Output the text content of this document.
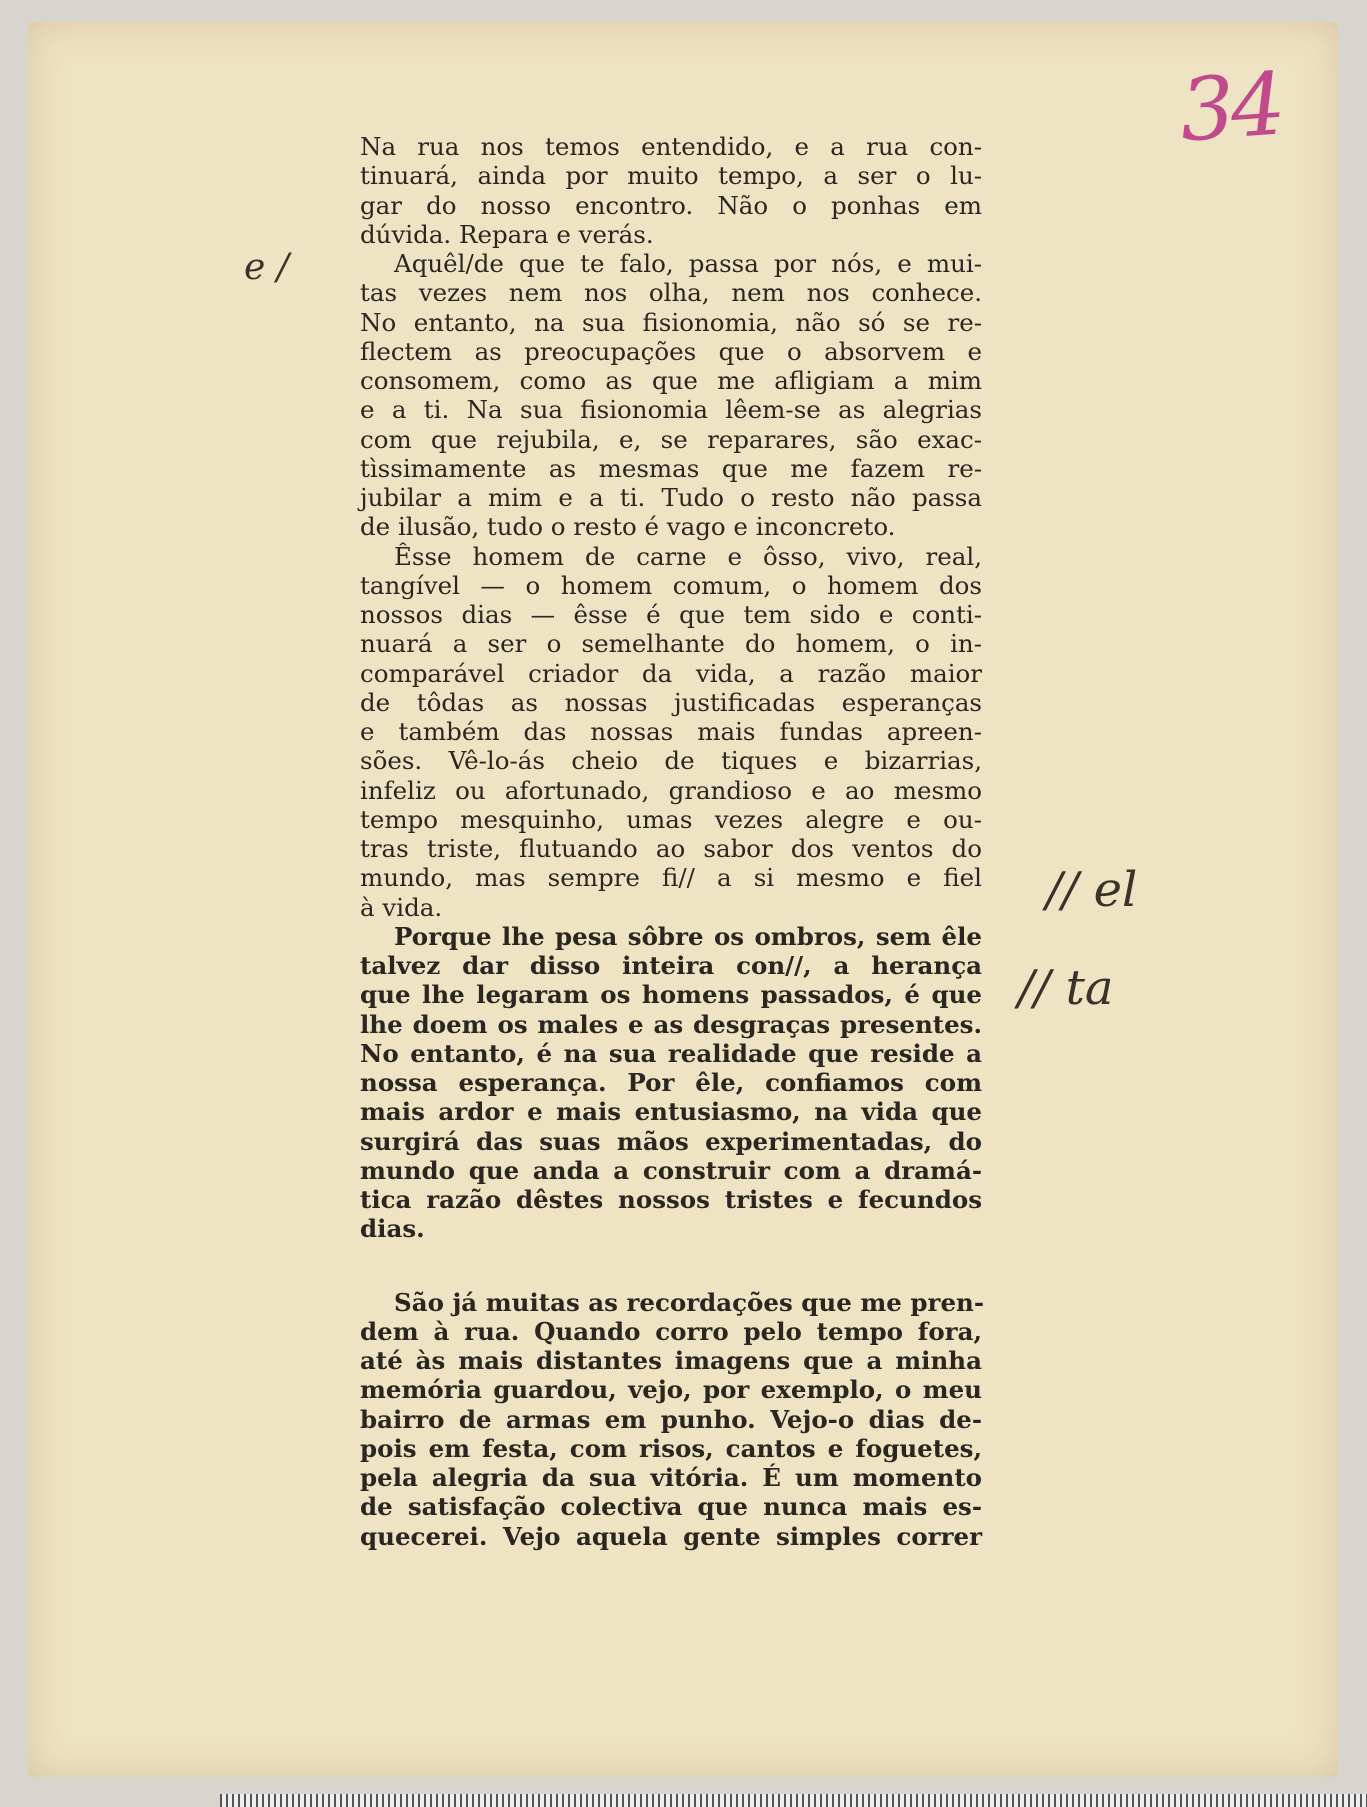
34
e /
// el
// ta
Na rua nos temos entendido, e a rua con-
tinuará, ainda por muito tempo, a ser o lu-
gar do nosso encontro. Não o ponhas em
dúvida. Repara e verás.
Aquêl/de que te falo, passa por nós, e mui-
tas vezes nem nos olha, nem nos conhece.
No entanto, na sua fisionomia, não só se re-
flectem as preocupações que o absorvem e
consomem, como as que me afligiam a mim
e a ti. Na sua fisionomia lêem-se as alegrias
com que rejubila, e, se reparares, são exac-
tìssimamente as mesmas que me fazem re-
jubilar a mim e a ti. Tudo o resto não passa
de ilusão, tudo o resto é vago e inconcreto.
Êsse homem de carne e ôsso, vivo, real,
tangível — o homem comum, o homem dos
nossos dias — êsse é que tem sido e conti-
nuará a ser o semelhante do homem, o in-
comparável criador da vida, a razão maior
de tôdas as nossas justificadas esperanças
e também das nossas mais fundas apreen-
sões. Vê-lo-ás cheio de tiques e bizarrias,
infeliz ou afortunado, grandioso e ao mesmo
tempo mesquinho, umas vezes alegre e ou-
tras triste, flutuando ao sabor dos ventos do
mundo, mas sempre fi// a si mesmo e fiel
à vida.
Porque lhe pesa sôbre os ombros, sem êle
talvez dar disso inteira con//, a herança
que lhe legaram os homens passados, é que
lhe doem os males e as desgraças presentes.
No entanto, é na sua realidade que reside a
nossa esperança. Por êle, confiamos com
mais ardor e mais entusiasmo, na vida que
surgirá das suas mãos experimentadas, do
mundo que anda a construir com a dramá-
tica razão dêstes nossos tristes e fecundos
dias.
São já muitas as recordações que me pren-
dem à rua. Quando corro pelo tempo fora,
até às mais distantes imagens que a minha
memória guardou, vejo, por exemplo, o meu
bairro de armas em punho. Vejo-o dias de-
pois em festa, com risos, cantos e foguetes,
pela alegria da sua vitória. É um momento
de satisfação colectiva que nunca mais es-
quecerei. Vejo aquela gente simples correr
